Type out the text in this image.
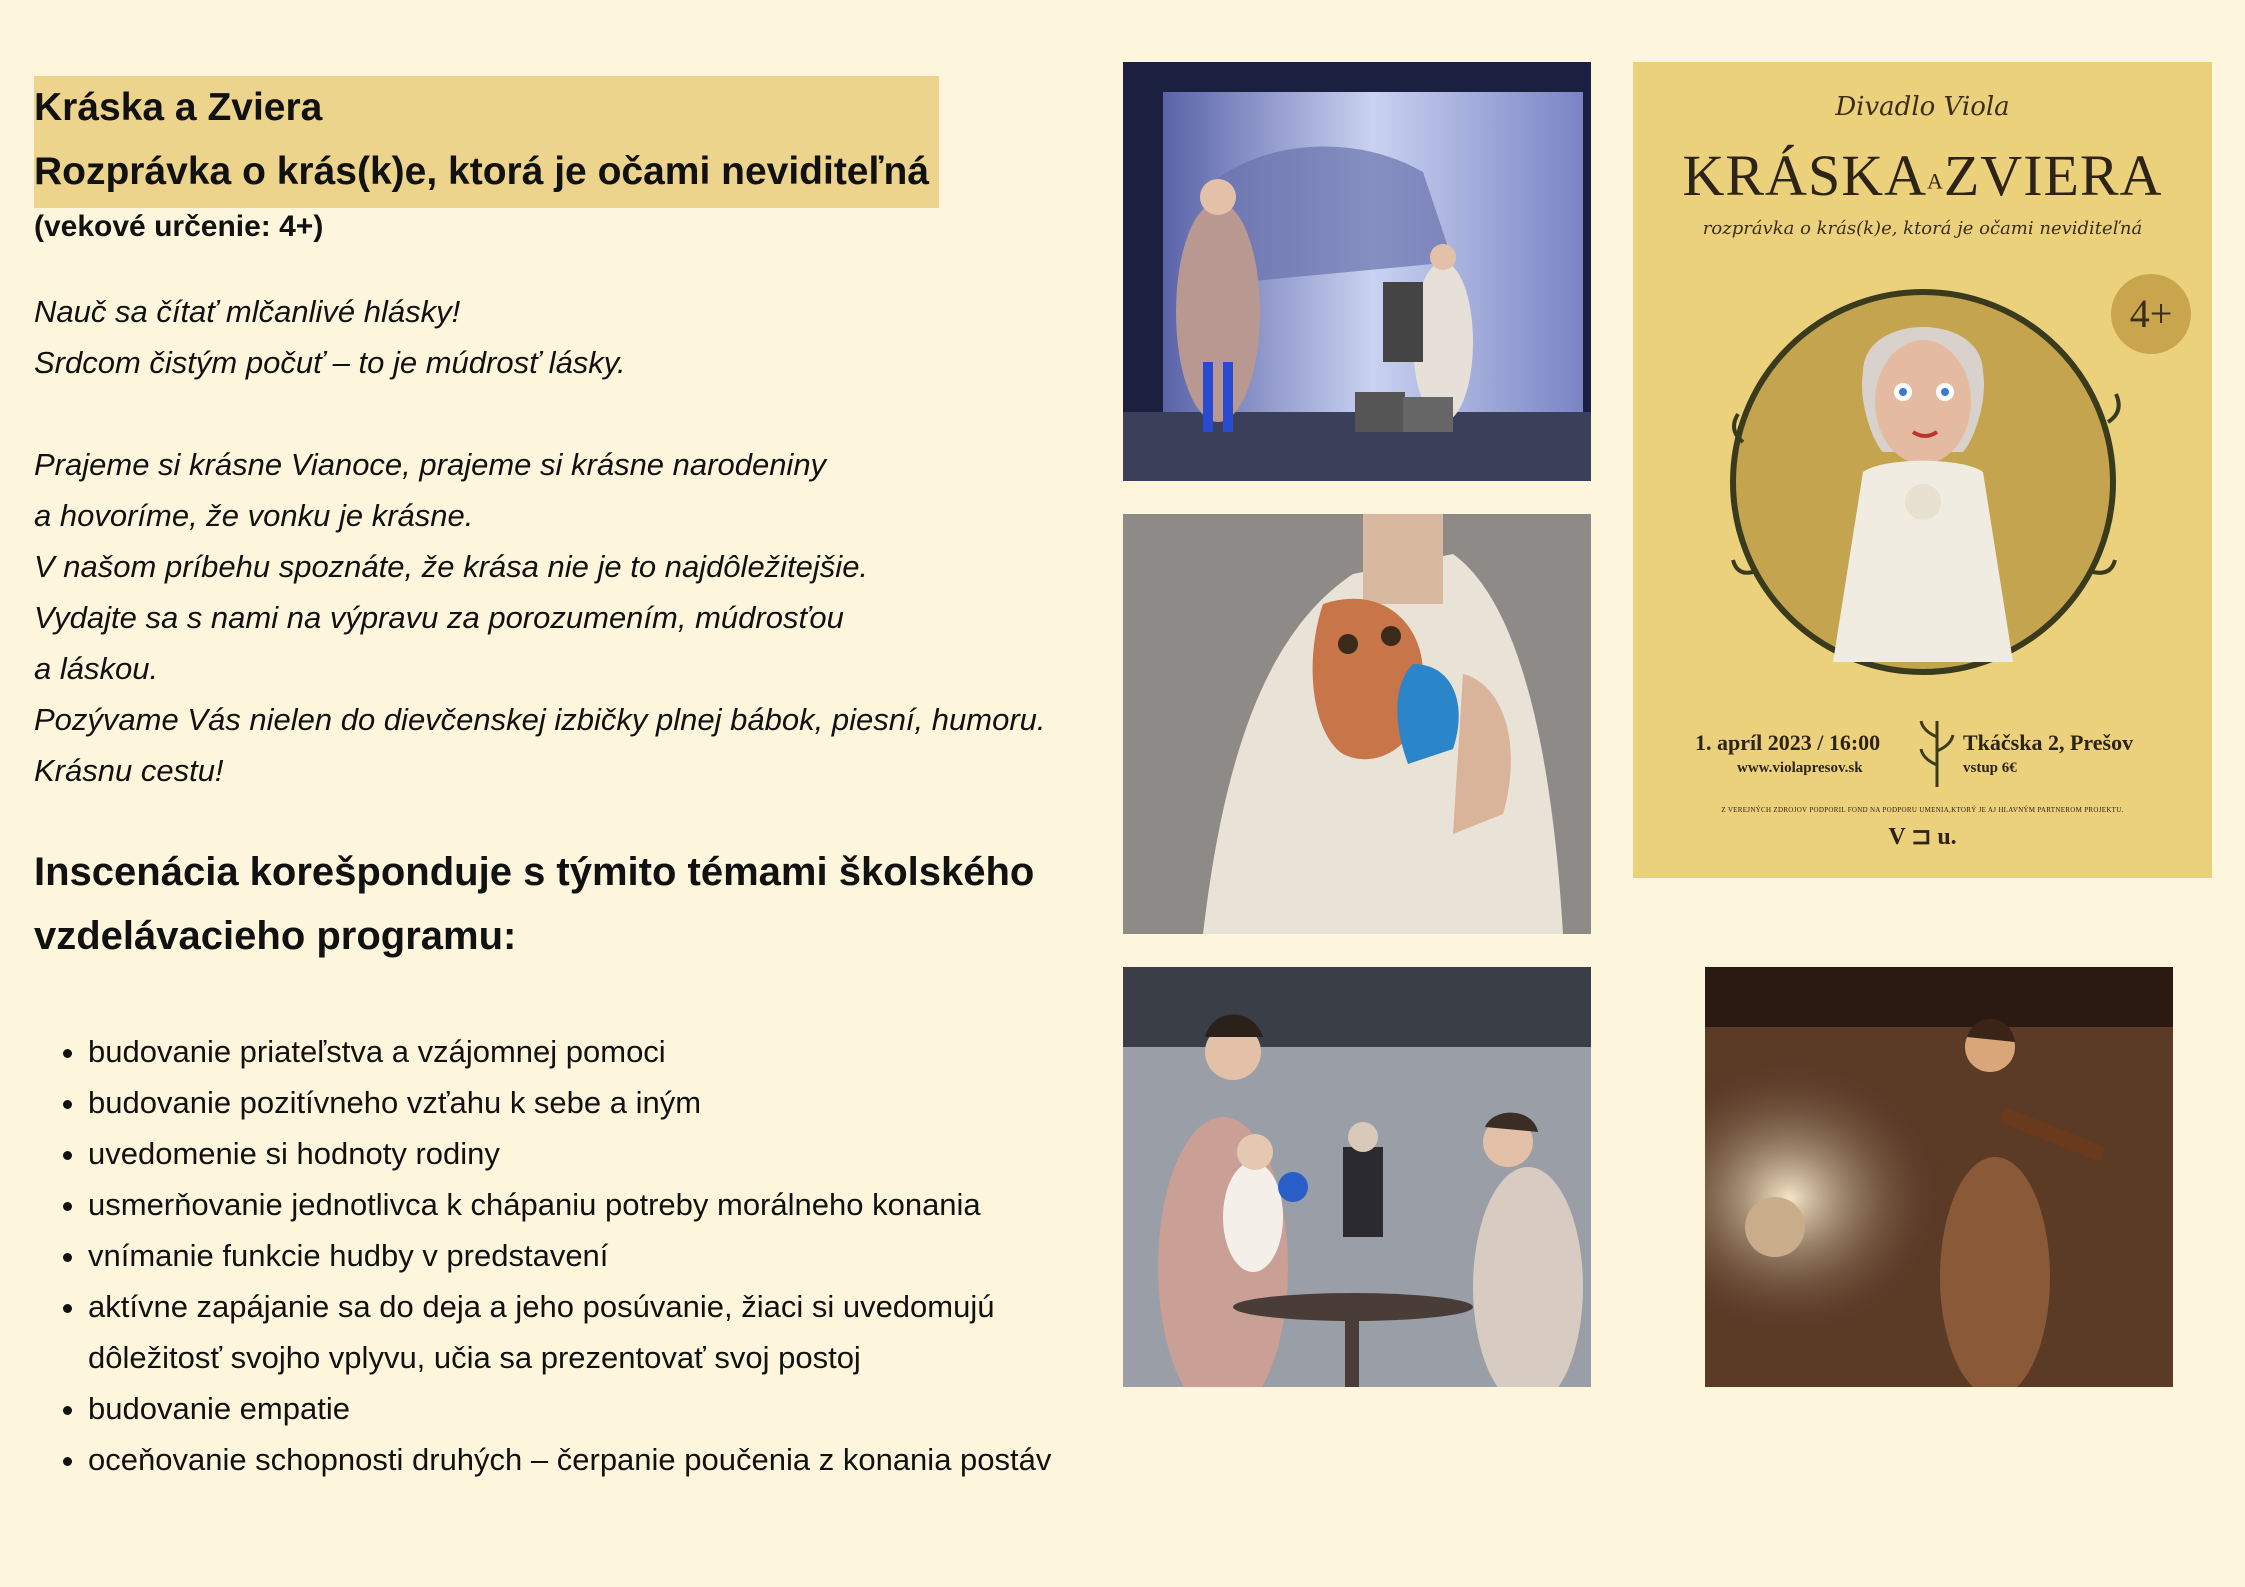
Kráska a Zviera
Rozprávka o krás(k)e, ktorá je očami neviditeľná
(vekové určenie: 4+)

Nauč sa čítať mlčanlivé hlásky!

Srdcom čistým počuť – to je múdrosť lásky.

Prajeme si krásne Vianoce, prajeme si krásne narodeniny

a hovoríme, že vonku je krásne.

V našom príbehu spoznáte, že krása nie je to najdôležitejšie.

Vydajte sa s nami na výpravu za porozumením, múdrosťou

a láskou.

Pozývame Vás nielen do dievčenskej izbičky plnej bábok, piesní, humoru.

Krásnu cestu!

Inscenácia korešponduje s týmito témami školského
vzdelávacieho programu:
• budovanie priateľstva a vzájomnej pomoci
• budovanie pozitívneho vzťahu k sebe a iným
• uvedomenie si hodnoty rodiny
• usmerňovanie jednotlivca k chápaniu potreby morálneho konania
• vnímanie funkcie hudby v predstavení
• aktívne zapájanie sa do deja a jeho posúvanie, žiaci si uvedomujú dôležitosť svojho vplyvu, učia sa prezentovať svoj postoj
• budovanie empatie
• oceňovanie schopnosti druhých – čerpanie poučenia z konania postáv
Divadlo Viola
KRÁSKAAZVIERA
rozprávka o krás(k)e, ktorá je očami neviditeľná
4+
1. apríl 2023 / 16:00
www.violapresov.sk
Tkáčska 2, Prešov
vstup 6€
Z VEREJNÝCH ZDROJOV PODPORIL FOND NA PODPORU UMENIA,KTORÝ JE AJ HLAVNÝM PARTNEROM PROJEKTU.
V ⊐ u.
